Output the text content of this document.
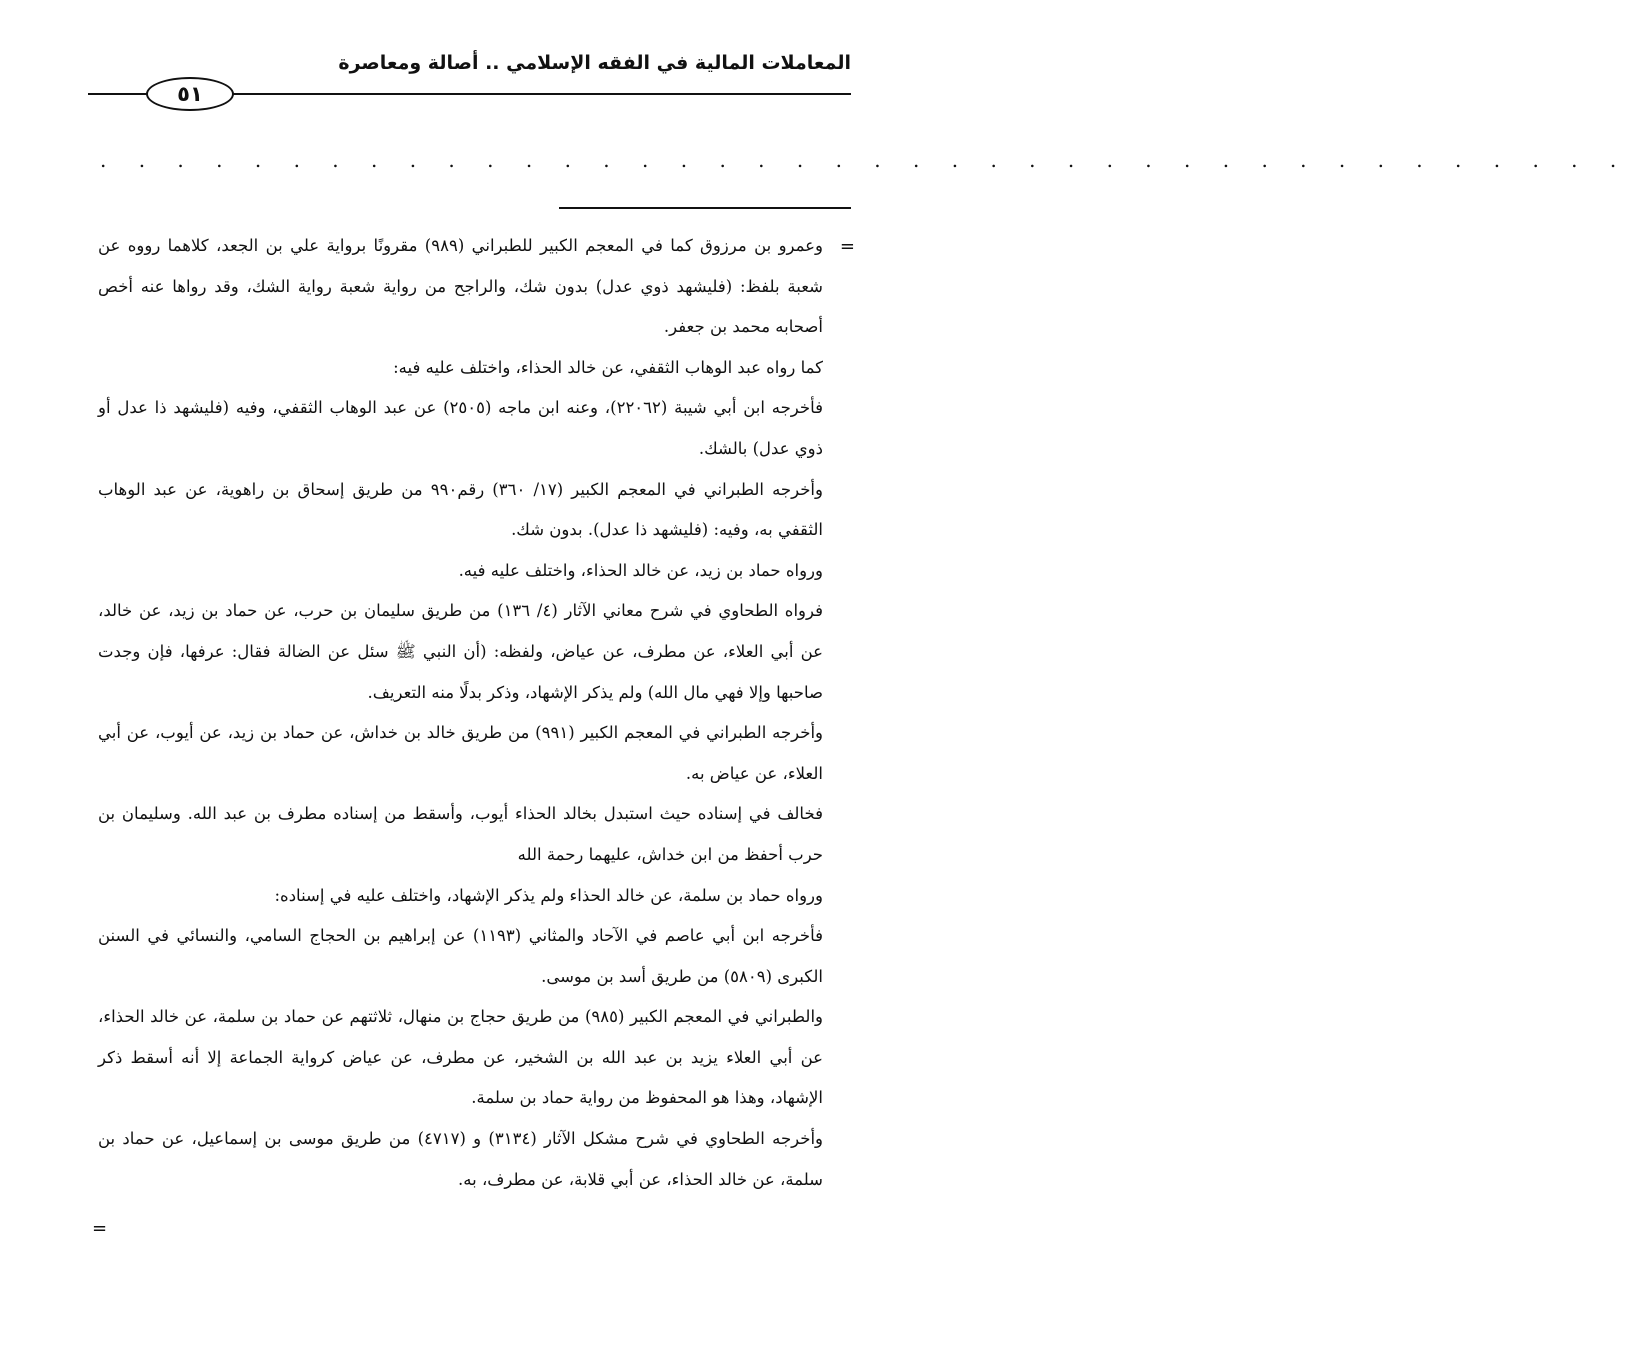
المعاملات المالية في الفقه الإسلامي .. أصالة ومعاصرة
٥١
. . . . . . . . . . . . . . . . . . . . . . . . . . . . . . . . . . . . . . . .
=

وعمرو بن مرزوق كما في المعجم الكبير للطبراني (٩٨٩) مقرونًا برواية علي بن الجعد، كلاهما رووه عن شعبة بلفظ: (فليشهد ذوي عدل) بدون شك، والراجح من رواية شعبة رواية الشك، وقد رواها عنه أخص أصحابه محمد بن جعفر.

كما رواه عبد الوهاب الثقفي، عن خالد الحذاء، واختلف عليه فيه:

فأخرجه ابن أبي شيبة (٢٢٠٦٢)، وعنه ابن ماجه (٢٥٠٥) عن عبد الوهاب الثقفي، وفيه (فليشهد ذا عدل أو ذوي عدل) بالشك.

وأخرجه الطبراني في المعجم الكبير (١٧/ ٣٦٠) رقم٩٩٠ من طريق إسحاق بن راهوية، عن عبد الوهاب الثقفي به، وفيه: (فليشهد ذا عدل). بدون شك.

ورواه حماد بن زيد، عن خالد الحذاء، واختلف عليه فيه.

فرواه الطحاوي في شرح معاني الآثار (٤/ ١٣٦) من طريق سليمان بن حرب، عن حماد بن زيد، عن خالد، عن أبي العلاء، عن مطرف، عن عياض، ولفظه: (أن النبي ﷺ سئل عن الضالة فقال: عرفها، فإن وجدت صاحبها وإلا فهي مال الله) ولم يذكر الإشهاد، وذكر بدلًا منه التعريف.

وأخرجه الطبراني في المعجم الكبير (٩٩١) من طريق خالد بن خداش، عن حماد بن زيد، عن أيوب، عن أبي العلاء، عن عياض به.

فخالف في إسناده حيث استبدل بخالد الحذاء أيوب، وأسقط من إسناده مطرف بن عبد الله. وسليمان بن حرب أحفظ من ابن خداش، عليهما رحمة الله

ورواه حماد بن سلمة، عن خالد الحذاء ولم يذكر الإشهاد، واختلف عليه في إسناده:

فأخرجه ابن أبي عاصم في الآحاد والمثاني (١١٩٣) عن إبراهيم بن الحجاج السامي، والنسائي في السنن الكبرى (٥٨٠٩) من طريق أسد بن موسى.

والطبراني في المعجم الكبير (٩٨٥) من طريق حجاج بن منهال، ثلاثتهم عن حماد بن سلمة، عن خالد الحذاء، عن أبي العلاء يزيد بن عبد الله بن الشخير، عن مطرف، عن عياض كرواية الجماعة إلا أنه أسقط ذكر الإشهاد، وهذا هو المحفوظ من رواية حماد بن سلمة.

وأخرجه الطحاوي في شرح مشكل الآثار (٣١٣٤) و (٤٧١٧) من طريق موسى بن إسماعيل، عن حماد بن سلمة، عن خالد الحذاء، عن أبي قلابة، عن مطرف، به.

=
